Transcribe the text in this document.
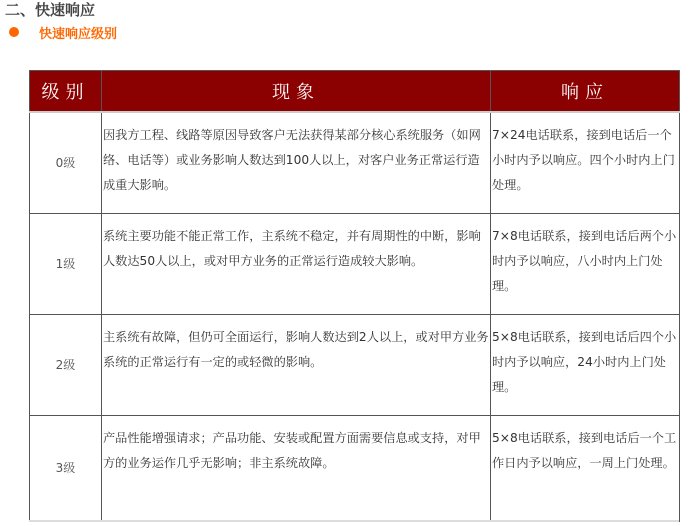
二、快速响应
快速响应级别
级别	现象	响应
0级	因我方工程、线路等原因导致客户无法获得某部分核心系统服务（如网络、电话等）或业务影响人数达到100人以上，对客户业务正常运行造成重大影响。	7×24电话联系，接到电话后一个小时内予以响应。四个小时内上门处理。
1级	系统主要功能不能正常工作，主系统不稳定，并有周期性的中断，影响人数达50人以上，或对甲方业务的正常运行造成较大影响。	7×8电话联系，接到电话后两个小时内予以响应，八小时内上门处理。
2级	主系统有故障，但仍可全面运行，影响人数达到2人以上，或对甲方业务系统的正常运行有一定的或轻微的影响。	5×8电话联系，接到电话后四个小时内予以响应，24小时内上门处理。
3级	产品性能增强请求；产品功能、安装或配置方面需要信息或支持，对甲方的业务运作几乎无影响；非主系统故障。	5×8电话联系，接到电话后一个工作日内予以响应，一周上门处理。
